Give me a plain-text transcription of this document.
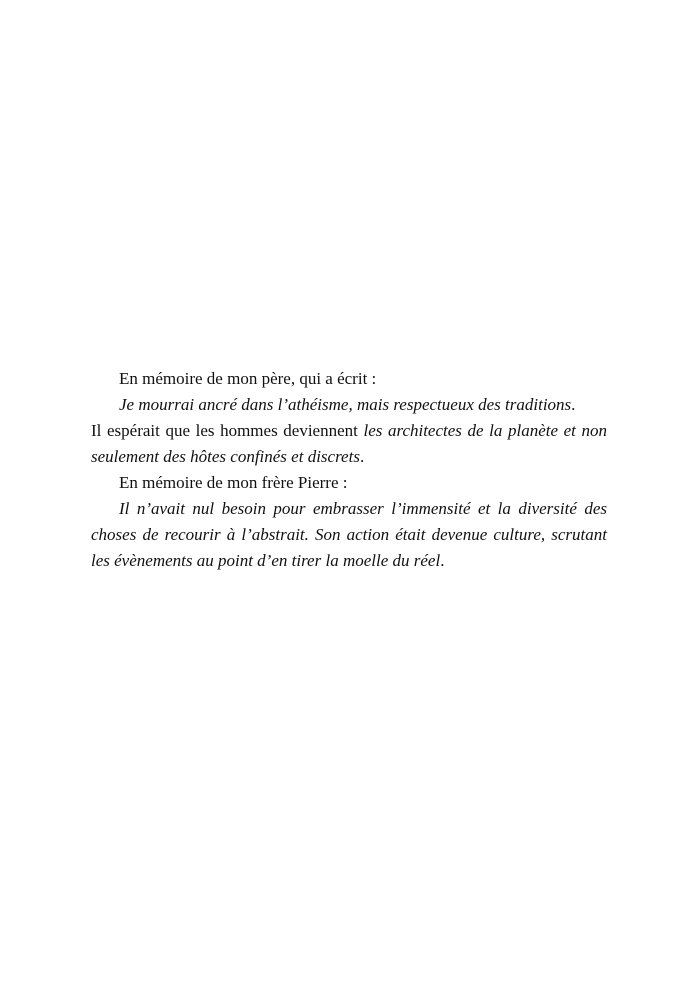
En mémoire de mon père, qui a écrit :

Je mourrai ancré dans l’athéisme, mais respectueux des traditions.

Il espérait que les hommes deviennent les architectes de la planète et non seulement des hôtes confinés et discrets.

En mémoire de mon frère Pierre :

Il n’avait nul besoin pour embrasser l’immensité et la diversité des choses de recourir à l’abstrait. Son action était devenue culture, scrutant les évènements au point d’en tirer la moelle du réel.
